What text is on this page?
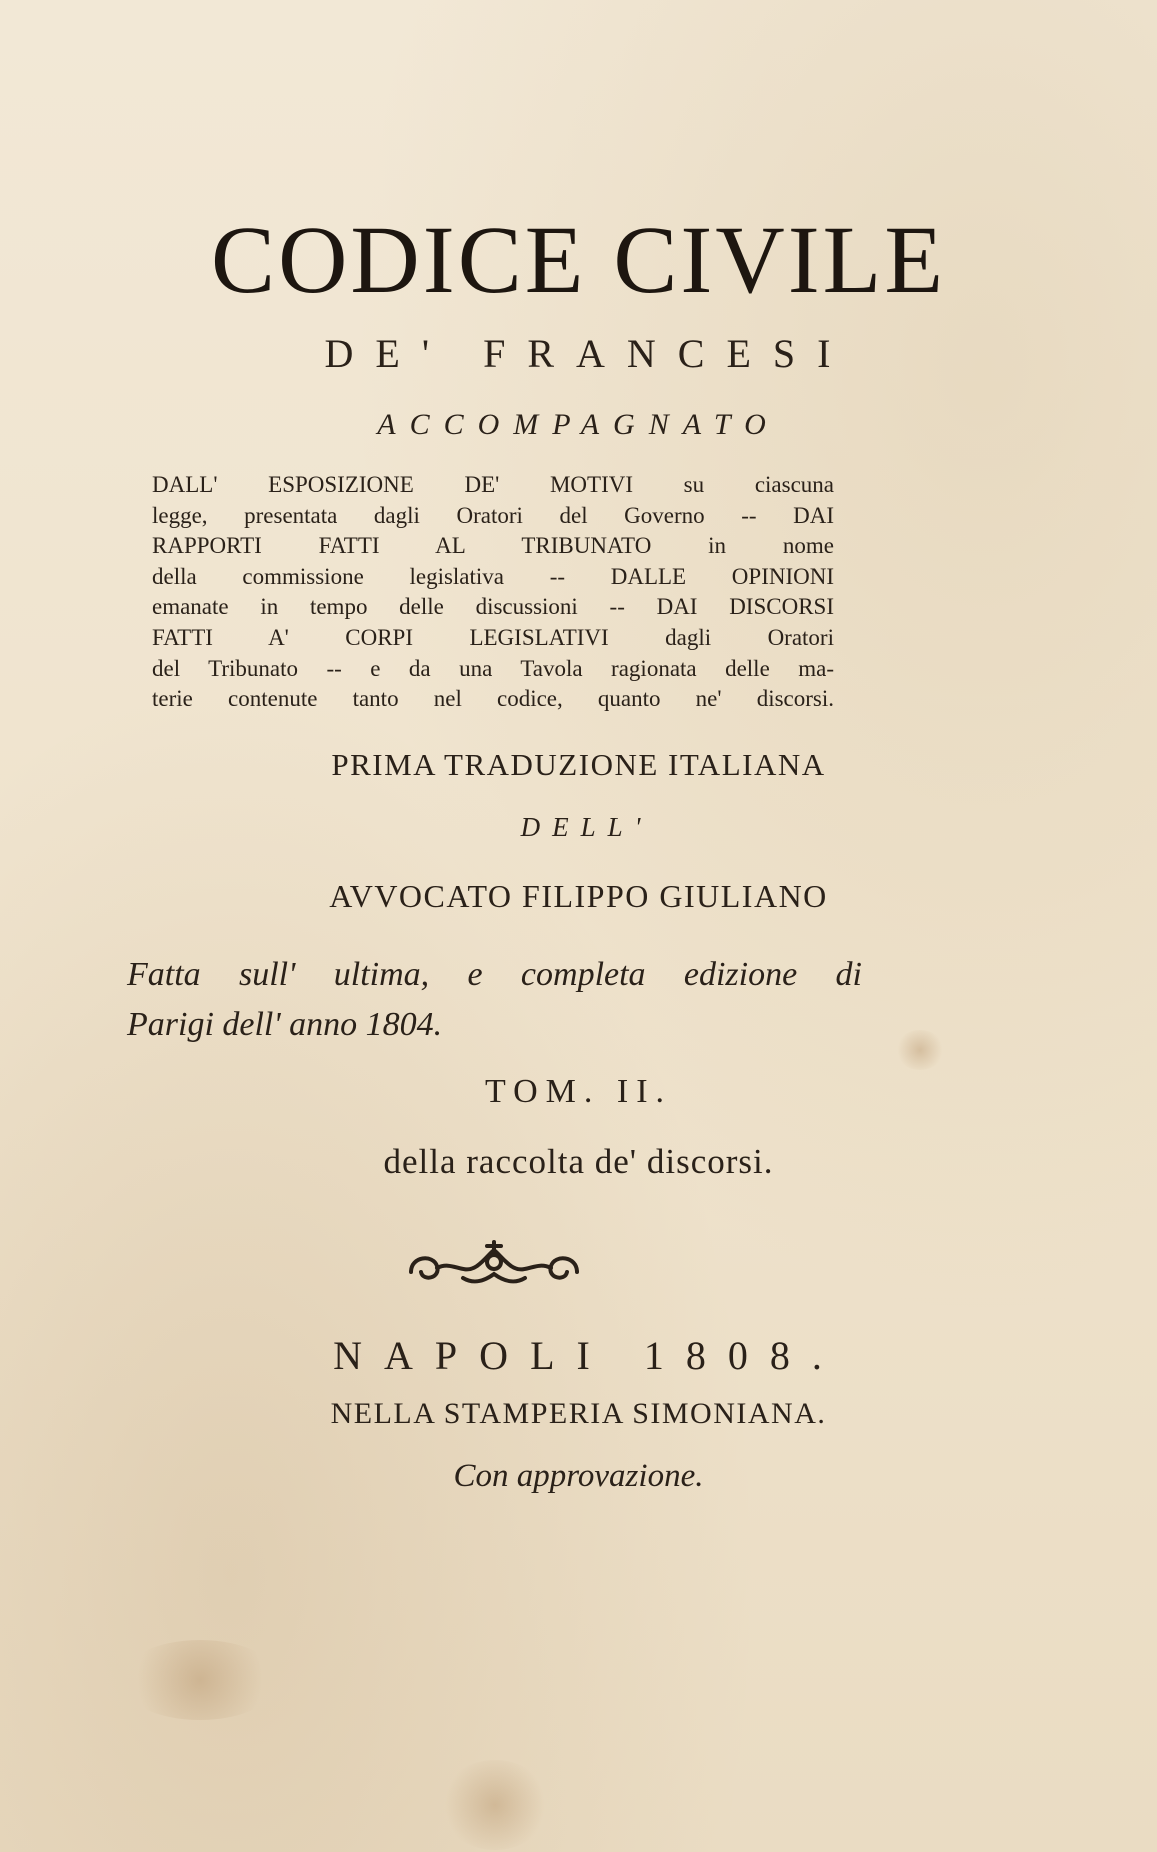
CODICE CIVILE
DE' FRANCESI
ACCOMPAGNATO
DALL' ESPOSIZIONE DE' MOTIVI su ciascuna
legge, presentata dagli Oratori del Governo -- DAI
RAPPORTI FATTI AL TRIBUNATO in nome
della commissione legislativa -- DALLE OPINIONI
emanate in tempo delle discussioni -- DAI DISCORSI
FATTI A' CORPI LEGISLATIVI dagli Oratori
del Tribunato -- e da una Tavola ragionata delle ma-
terie contenute tanto nel codice, quanto ne' discorsi.
PRIMA TRADUZIONE ITALIANA
DELL'
AVVOCATO FILIPPO GIULIANO
Fatta sull' ultima, e completa edizione di
Parigi dell' anno 1804.
TOM. II.
della raccolta de' discorsi.
NAPOLI 1808.
NELLA STAMPERIA SIMONIANA.
Con approvazione.
